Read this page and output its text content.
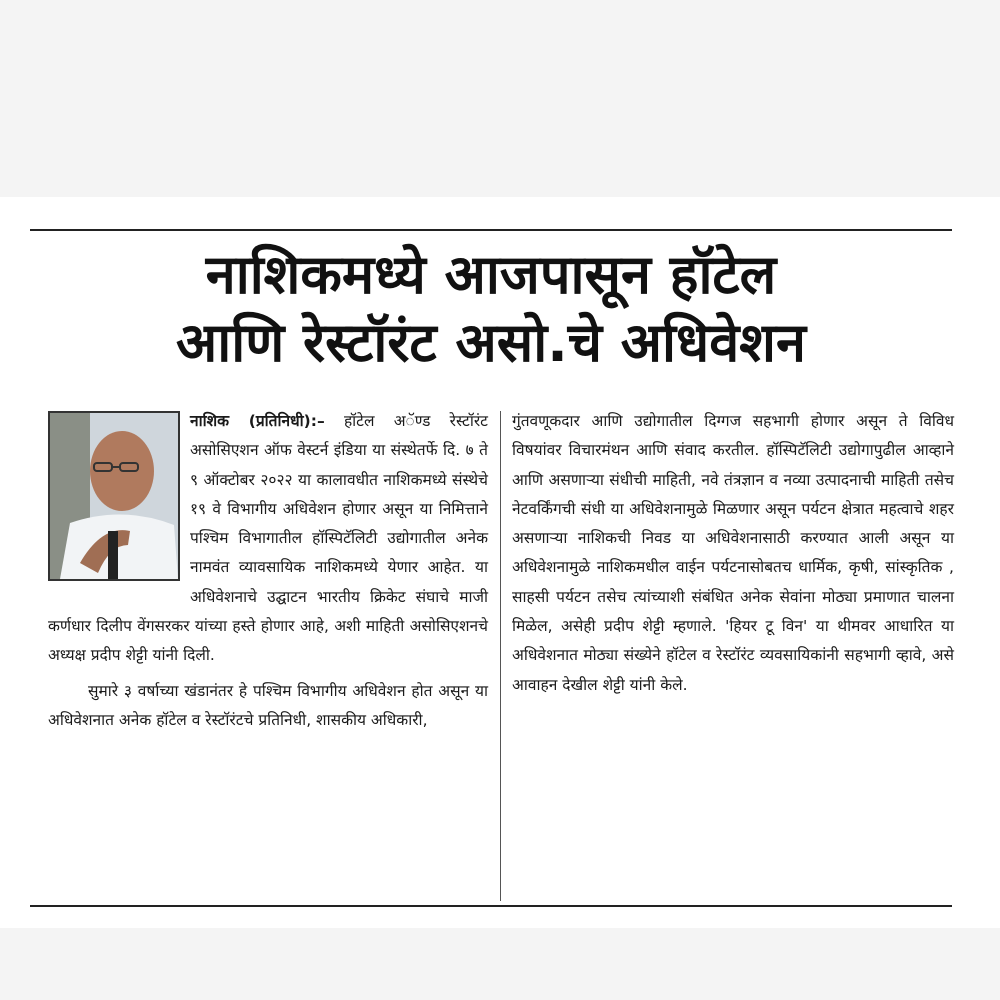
नाशिकमध्ये आजपासून हॉटेल
आणि रेस्टॉरंट असो.चे अधिवेशन

नाशिक (प्रतिनिधी):– हॉटेल अॅण्ड रेस्टॉरंट असोसिएशन ऑफ वेस्टर्न इंडिया या संस्थेतर्फे दि. ७ ते ९ ऑक्टोबर २०२२ या कालावधीत नाशिकमध्ये संस्थेचे १९ वे विभागीय अधिवेशन होणार असून या निमित्ताने पश्चिम विभागातील हॉस्पिटॅलिटी उद्योगातील अनेक नामवंत व्यावसायिक नाशिकमध्ये येणार आहेत. या अधिवेशनाचे उद्घाटन भारतीय क्रिकेट संघाचे माजी कर्णधार दिलीप वेंगसरकर यांच्या हस्ते होणार आहे, अशी माहिती असोसिएशनचे अध्यक्ष प्रदीप शेट्टी यांनी दिली.

सुमारे ३ वर्षाच्या खंडानंतर हे पश्चिम विभागीय अधिवेशन होत असून या अधिवेशनात अनेक हॉटेल व रेस्टॉरंटचे प्रतिनिधी, शासकीय अधिकारी,

गुंतवणूकदार आणि उद्योगातील दिग्गज सहभागी होणार असून ते विविध विषयांवर विचारमंथन आणि संवाद करतील. हॉस्पिटॅलिटी उद्योगापुढील आव्हाने आणि असणाऱ्या संधीची माहिती, नवे तंत्रज्ञान व नव्या उत्पादनाची माहिती तसेच नेटवर्किंगची संधी या अधिवेशनामुळे मिळणार असून पर्यटन क्षेत्रात महत्वाचे शहर असणाऱ्या नाशिकची निवड या अधिवेशनासाठी करण्यात आली असून या अधिवेशनामुळे नाशिकमधील वाईन पर्यटनासोबतच धार्मिक, कृषी, सांस्कृतिक , साहसी पर्यटन तसेच त्यांच्याशी संबंधित अनेक सेवांना मोठ्या प्रमाणात चालना मिळेल, असेही प्रदीप शेट्टी म्हणाले. 'हियर टू विन' या थीमवर आधारित या अधिवेशनात मोठ्या संख्येने हॉटेल व रेस्टॉरंट व्यवसायिकांनी सहभागी व्हावे, असे आवाहन देखील शेट्टी यांनी केले.
